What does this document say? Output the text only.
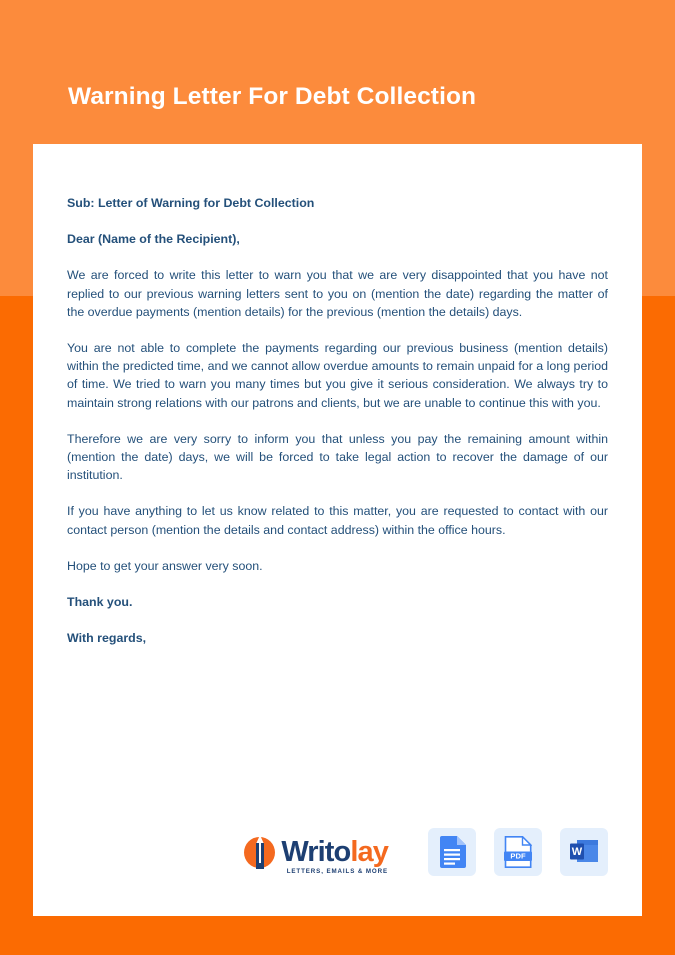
Warning Letter For Debt Collection

Sub: Letter of Warning for Debt Collection

Dear (Name of the Recipient),

We are forced to write this letter to warn you that we are very disappointed that you have not replied to our previous warning letters sent to you on (mention the date) regarding the matter of the overdue payments (mention details) for the previous (mention the details) days.

You are not able to complete the payments regarding our previous business (mention details) within the predicted time, and we cannot allow overdue amounts to remain unpaid for a long period of time. We tried to warn you many times but you give it serious consideration. We always try to maintain strong relations with our patrons and clients, but we are unable to continue this with you.

Therefore we are very sorry to inform you that unless you pay the remaining amount within (mention the date) days, we will be forced to take legal action to recover the damage of our institution.

If you have anything to let us know related to this matter, you are requested to contact with our contact person (mention the details and contact address) within the office hours.

Hope to get your answer very soon.

Thank you.

With regards,

Writolay
LETTERS, EMAILS & MORE
PDF	W
